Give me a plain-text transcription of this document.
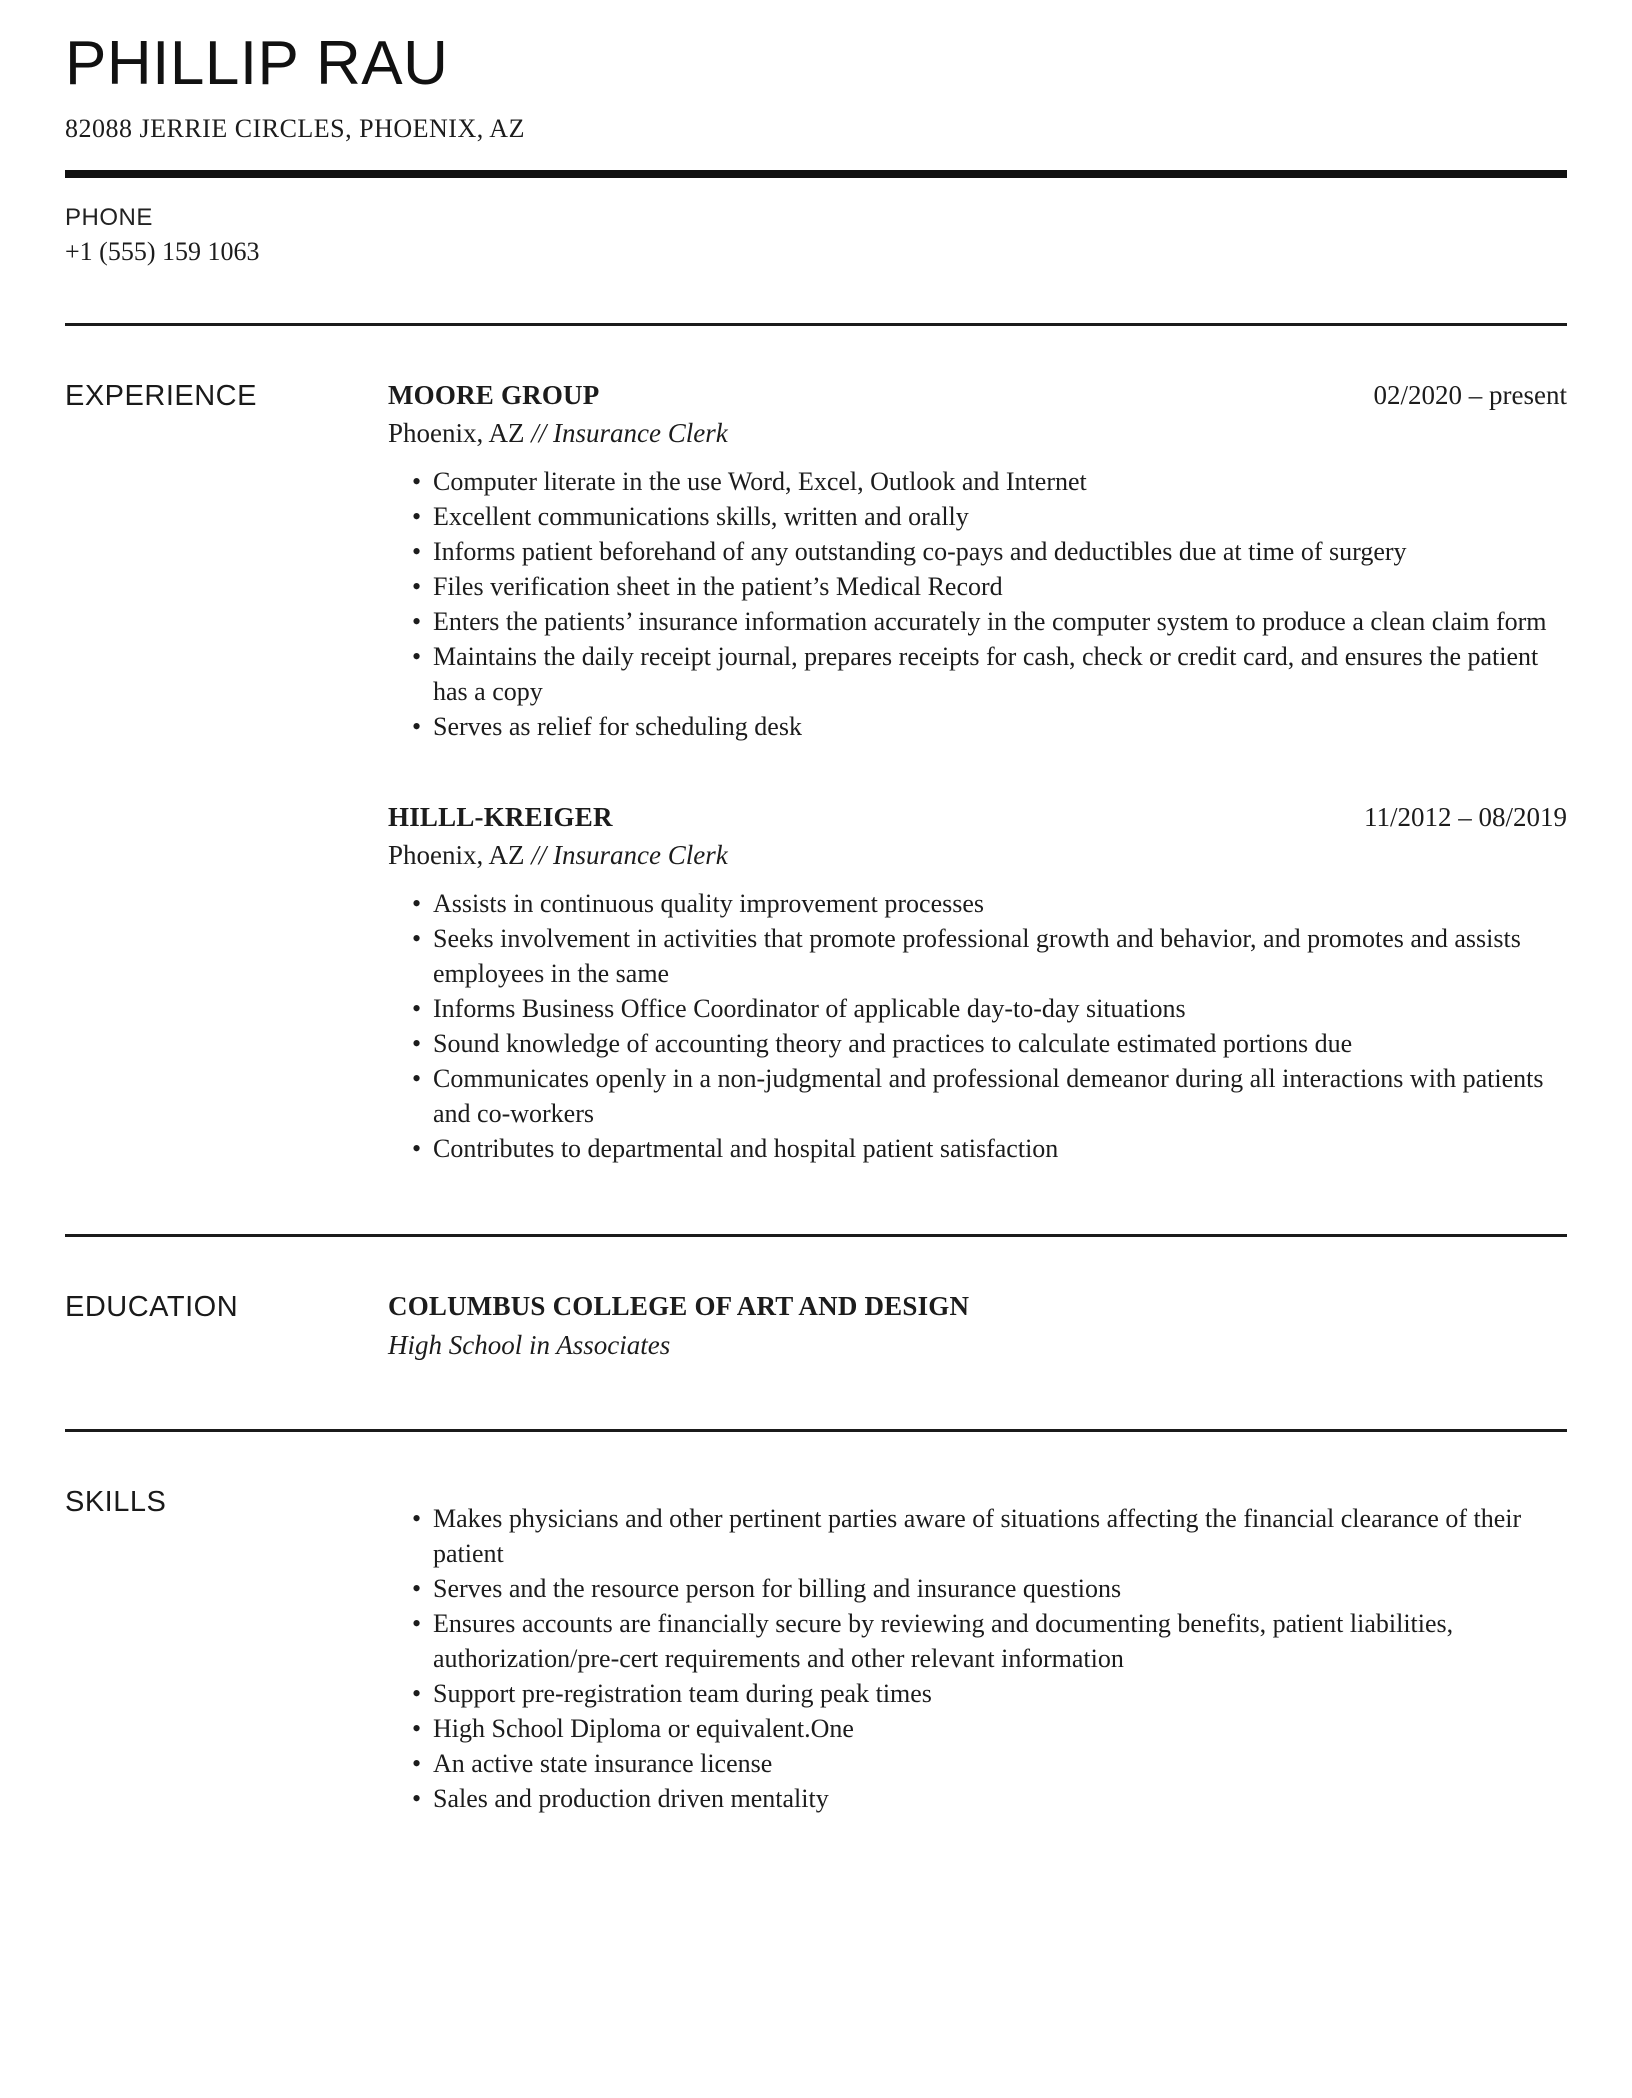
PHILLIP RAU
82088 JERRIE CIRCLES, PHOENIX, AZ
PHONE
+1 (555) 159 1063
EXPERIENCE	MOORE GROUP	02/2020 – present
Phoenix, AZ // Insurance Clerk
• Computer literate in the use Word, Excel, Outlook and Internet
• Excellent communications skills, written and orally
• Informs patient beforehand of any outstanding co-pays and deductibles due at time of surgery
• Files verification sheet in the patient’s Medical Record
• Enters the patients’ insurance information accurately in the computer system to produce a clean claim form
• Maintains the daily receipt journal, prepares receipts for cash, check or credit card, and ensures the patient has a copy
• Serves as relief for scheduling desk
HILLL-KREIGER	11/2012 – 08/2019
Phoenix, AZ // Insurance Clerk
• Assists in continuous quality improvement processes
• Seeks involvement in activities that promote professional growth and behavior, and promotes and assists employees in the same
• Informs Business Office Coordinator of applicable day-to-day situations
• Sound knowledge of accounting theory and practices to calculate estimated portions due
• Communicates openly in a non-judgmental and professional demeanor during all interactions with patients and co-workers
• Contributes to departmental and hospital patient satisfaction
EDUCATION	COLUMBUS COLLEGE OF ART AND DESIGN
High School in Associates
SKILLS
• Makes physicians and other pertinent parties aware of situations affecting the financial clearance of their patient
• Serves and the resource person for billing and insurance questions
• Ensures accounts are financially secure by reviewing and documenting benefits, patient liabilities, authorization/pre-cert requirements and other relevant information
• Support pre-registration team during peak times
• High School Diploma or equivalent.One
• An active state insurance license
• Sales and production driven mentality
